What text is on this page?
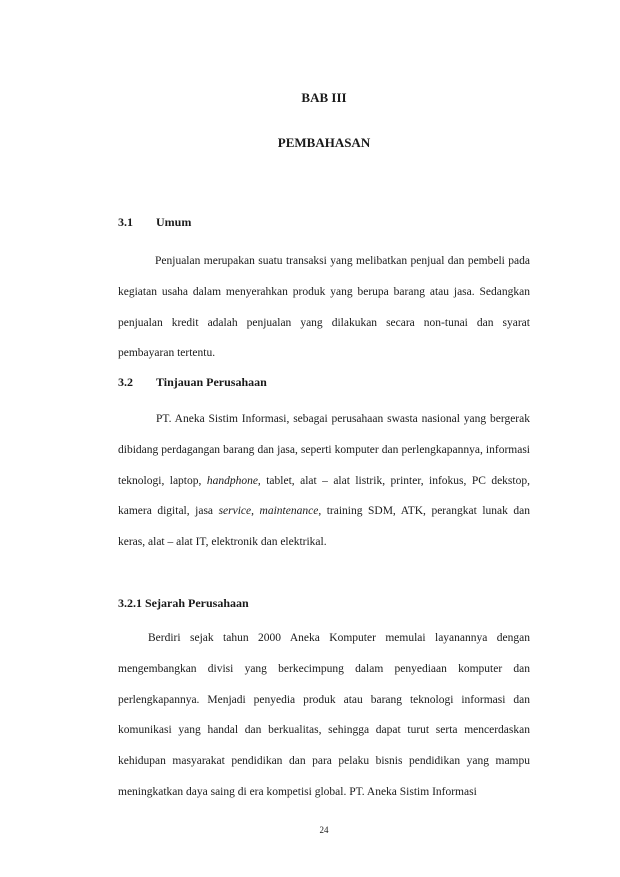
BAB III
PEMBAHASAN
3.1 Umum

Penjualan merupakan suatu transaksi yang melibatkan penjual dan pembeli pada kegiatan usaha dalam menyerahkan produk yang berupa barang atau jasa. Sedangkan penjualan kredit adalah penjualan yang dilakukan secara non-tunai dan syarat pembayaran tertentu.

3.2 Tinjauan Perusahaan

PT. Aneka Sistim Informasi, sebagai perusahaan swasta nasional yang bergerak dibidang perdagangan barang dan jasa, seperti komputer dan perlengkapannya, informasi teknologi, laptop, handphone, tablet, alat – alat listrik, printer, infokus, PC dekstop, kamera digital, jasa service, maintenance, training SDM, ATK, perangkat lunak dan keras, alat – alat IT, elektronik dan elektrikal.

3.2.1 Sejarah Perusahaan

Berdiri sejak tahun 2000 Aneka Komputer memulai layanannya dengan mengembangkan divisi yang berkecimpung dalam penyediaan komputer dan perlengkapannya. Menjadi penyedia produk atau barang teknologi informasi dan komunikasi yang handal dan berkualitas, sehingga dapat turut serta mencerdaskan kehidupan masyarakat pendidikan dan para pelaku bisnis pendidikan yang mampu meningkatkan daya saing di era kompetisi global. PT. Aneka Sistim Informasi

24
